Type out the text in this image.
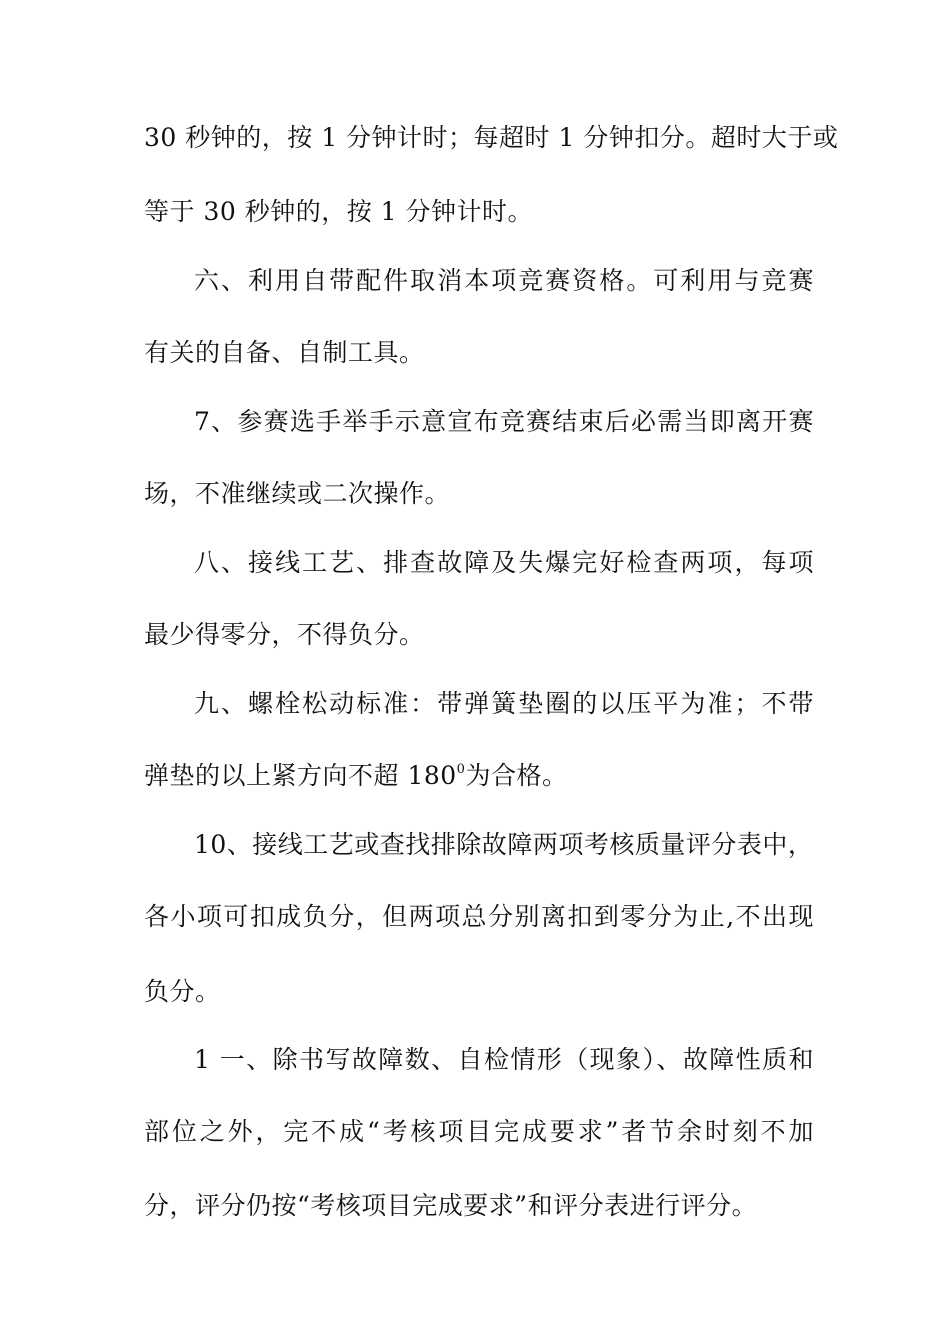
30 秒钟的，按 1 分钟计时；每超时 1 分钟扣分。超时大于或
等于 30 秒钟的，按 1 分钟计时。
六、利用自带配件取消本项竞赛资格。可利用与竞赛
有关的自备、自制工具。
7、参赛选手举手示意宣布竞赛结束后必需当即离开赛
场，不准继续或二次操作。
八、接线工艺、排查故障及失爆完好检查两项，每项
最少得零分，不得负分。
九、螺栓松动标准：带弹簧垫圈的以压平为准；不带
弹垫的以上紧方向不超 $180^0$为合格。
10、接线工艺或查找排除故障两项考核质量评分表中，
各小项可扣成负分，但两项总分别离扣到零分为止,不出现
负分。
1 一、除书写故障数、自检情形（现象）、故障性质和
部位之外，完不成“考核项目完成要求”者节余时刻不加
分，评分仍按“考核项目完成要求”和评分表进行评分。
